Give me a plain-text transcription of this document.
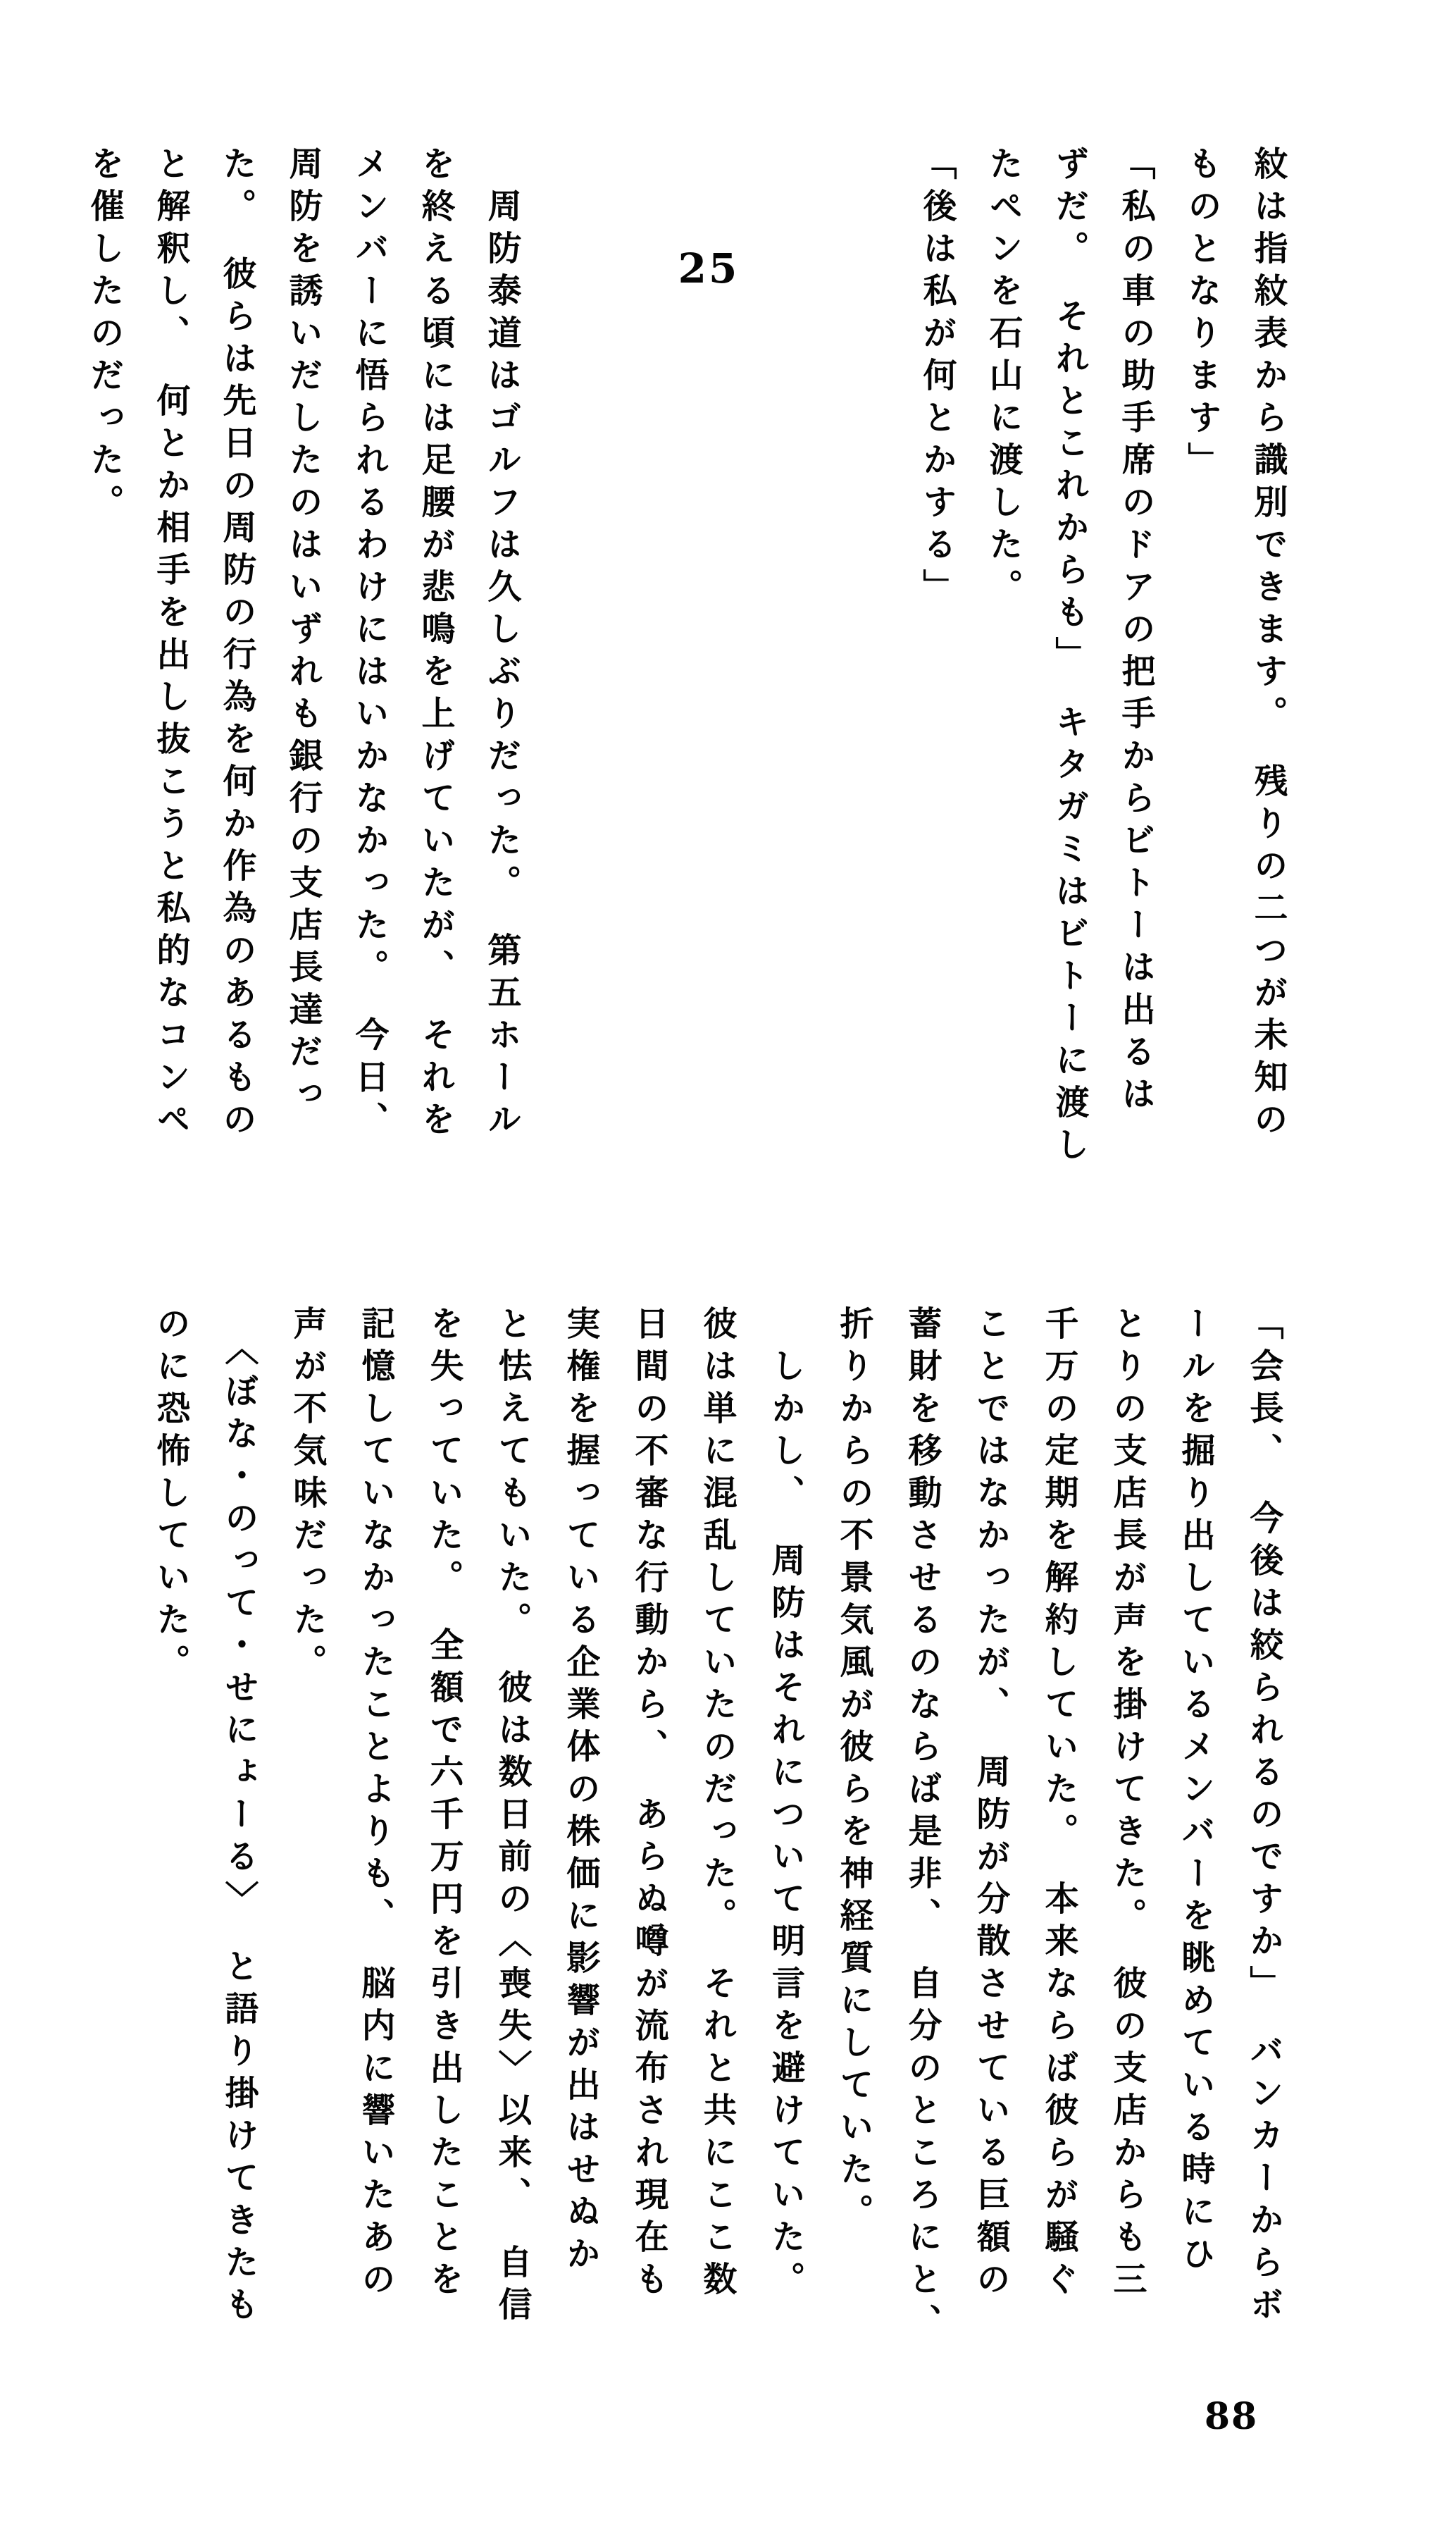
紋は指紋表から識別できます。　残りの二つが未知の

ものとなります」

「私の車の助手席のドアの把手からビトーは出るは

ずだ。　それとこれからも」　キタガミはビトーに渡し

たペンを石山に渡した。

「後は私が何とかする」

25

　周防泰道はゴルフは久しぶりだった。　第五ホール

を終える頃には足腰が悲鳴を上げていたが、　それを

メンバーに悟られるわけにはいかなかった。　今日、

周防を誘いだしたのはいずれも銀行の支店長達だっ

た。　彼らは先日の周防の行為を何か作為のあるもの

と解釈し、　何とか相手を出し抜こうと私的なコンペ

を催したのだった。

「会長、　今後は絞られるのですか」　バンカーからボ

ールを掘り出しているメンバーを眺めている時にひ

とりの支店長が声を掛けてきた。　彼の支店からも三

千万の定期を解約していた。　本来ならば彼らが騒ぐ

ことではなかったが、　周防が分散させている巨額の

蓄財を移動させるのならば是非、　自分のところにと、

折りからの不景気風が彼らを神経質にしていた。

　しかし、　周防はそれについて明言を避けていた。

彼は単に混乱していたのだった。　それと共にここ数

日間の不審な行動から、　あらぬ噂が流布され現在も

実権を握っている企業体の株価に影響が出はせぬか

と怯えてもいた。　彼は数日前の〈喪失〉以来、　自信

を失っていた。　全額で六千万円を引き出したことを

記憶していなかったことよりも、　脳内に響いたあの

声が不気味だった。

　〈ぼな・のって・せにょーる〉　と語り掛けてきたも

のに恐怖していた。

88
